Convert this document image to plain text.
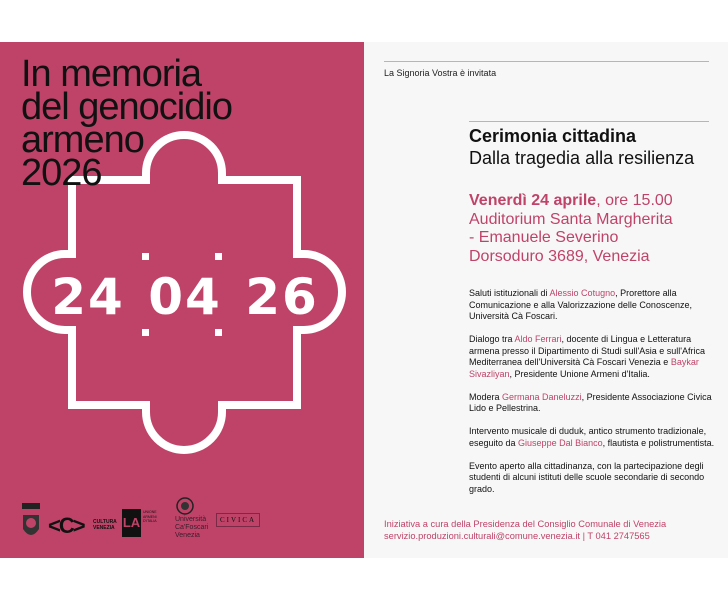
In memoria
del genocidio
armeno
2026
24 04 26
<C> CULTURA VENEZIA LA
UNIONE ARMENI D'ITALIA	Università
Ca'Foscari
Venezia
CIVICA
La Signoria Vostra è invitata
Cerimonia cittadina
Dalla tragedia alla resilienza
Venerdì 24 aprile, ore 15.00
Auditorium Santa Margherita
- Emanuele Severino
Dorsoduro 3689, Venezia

Saluti istituzionali di Alessio Cotugno, Prorettore alla Comunicazione e alla Valorizzazione delle Conoscenze, Università Cà Foscari.

Dialogo tra Aldo Ferrari, docente di Lingua e Letteratura armena presso il Dipartimento di Studi sull'Asia e sull'Africa Mediterranea dell'Università Cà Foscari Venezia e Baykar Sivazliyan, Presidente Unione Armeni d'Italia.

Modera Germana Daneluzzi, Presidente Associazione Civica Lido e Pellestrina.

Intervento musicale di duduk, antico strumento tradizionale, eseguito da Giuseppe Dal Bianco, flautista e polistrumentista.

Evento aperto alla cittadinanza, con la partecipazione degli studenti di alcuni istituti delle scuole secondarie di secondo grado.

Iniziativa a cura della Presidenza del Consiglio Comunale di Venezia
servizio.produzioni.culturali@comune.venezia.it | T 041 2747565
